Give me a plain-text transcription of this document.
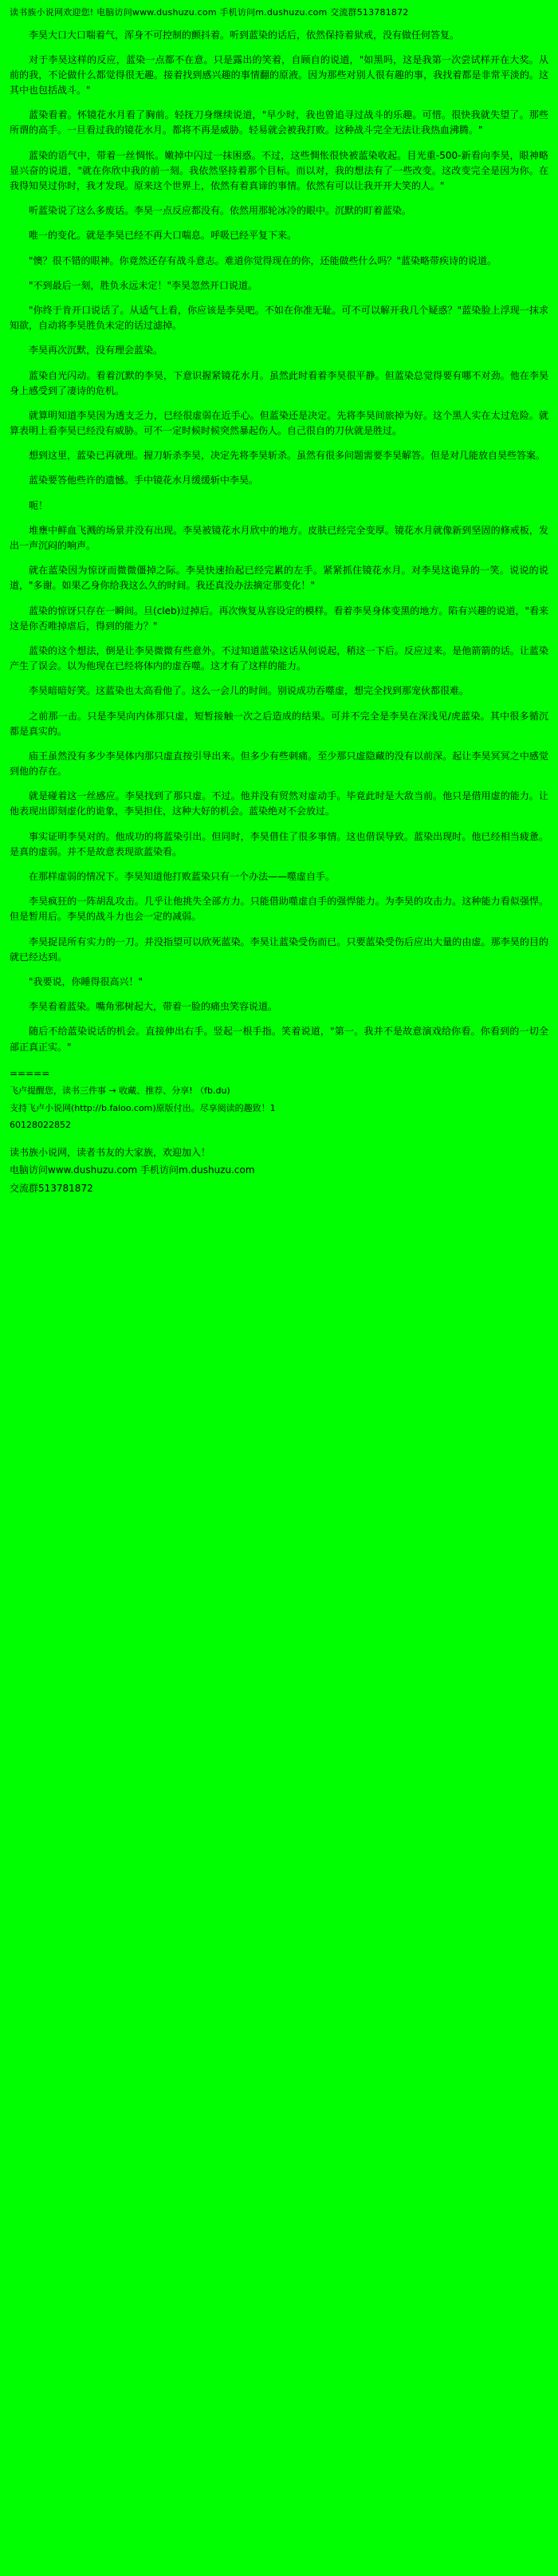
读书族小说网欢迎您! 电脑访问www.dushuzu.com 手机访问m.dushuzu.com 交流群513781872

李昊大口大口喘着气，浑身不可控制的颤抖着。听到蓝染的话后，依然保持着狱戒，没有做任何答复。

对于李昊这样的反应，蓝染一点都不在意。只是露出的笑着，自顾自的说道，"如黑吗，这是我第一次尝试样开在大奖。从前的我，不论做什么都觉得很无趣。接着找到感兴趣的事情翻的原液。因为那些对别人很有趣的事，我找着都是非常平淡的。这其中也包括战斗。"

蓝染看着。怀镜花水月看了胸前。轻抚刀身继续说道，"早少时，我也曾追寻过战斗的乐趣。可惜。很快我就失望了。那些所谓的高手。一旦看过我的镜花水月。都将不再是威胁。轻易就会被我打败。这种战斗完全无法让我热血沸腾。"

蓝染的语气中，带着一丝惆怅。嫩掉中闪过一抹困惑。不过，这些惆怅很快被蓝染收起。目光重-500-新看向李昊，眼神略显兴奋的说道，"就在你欣中我的前一刻。我依然坚持着那个目标。而以对，我的想法有了一些改变。这改变完全是因为你。在我得知昊过你时，我才发现。原来这个世界上，依然有着真谛的事情。依然有可以让我开开大笑的人。"

听蓝染说了这么多废话。李昊一点反应都没有。依然用那轮冰冷的眼中。沉默的盯着蓝染。

唯一的变化。就是李昊已经不再大口喘息。呼吸已经平复下来。

"懊？很不错的眼神。你竟然还存有战斗意志。难道你觉得现在的你，还能做些什么吗？"蓝染略带疾诗的说道。

"不到最后一刻，胜负永远未定！"李昊忽然开口说道。

"你终于肯开口说话了。从适气上看，你应该是李昊吧。不如在你准无耻。可不可以解开我几个疑惑？"蓝染脸上浮现一抹求知欲，自动将李昊胜负未定的话过滤掉。

李昊再次沉默，没有理会蓝染。

蓝染自光闪动。看着沉默的李昊，下意识握紧镜花水月。虽然此时看着李昊很平静。但蓝染总觉得要有哪不对劲。他在李昊身上感受到了凄诗的危机。

就算明知道李昊因为透支乏力，已经很虚弱在近手心。但蓝染还是决定。先将李昊间旅掉为好。这个黑人实在太过危险。就算表明上看李昊已经没有威胁。可不一定时候时候突然暴起伤人。自己很自的刀伙就是胜过。

想到这里，蓝染已再就理。握刀斩杀李昊，决定先将李昊斩杀。虽然有很多问题需要李昊解答。但是对几能放自昊些答案。

蓝染要答他些许的遗憾。手中镜花水月缓缓斩中李昊。

呃！

堆壅中鲜血飞溅的场景并没有出现。李昊被镜花水月欣中的地方。皮肤已经完全变厚。镜花水月就像新到坚固的修戒板，发出一声沉闷的响声。

就在蓝染因为惊讶而微微僵掉之际。李昊快速抬起已经完累的左手。紧紧抓住镜花水月。对李昊这诡异的一笑。说说的说道，"多谢。如果乙身你给我这么久的时间。我还真没办法摘定那变化！"

蓝染的惊讶只存在一瞬间。旦(cleb)过掉后。再次恢复从容设定的模样。看着李昊身体变黑的地方。陷有兴趣的说道，"看来这是你否唯掉虐后，得到的能力？"

蓝染的这个想法，倒是让李昊微微有些意外。不过知道蓝染这话从何说起，稍这一下后。反应过来。是他箭箭的话。让蓝染产生了误会。以为他现在已经将体内的虚吞噬。这才有了这样的能力。

李昊暗暗好笑。这蓝染也太高看他了。这么一会儿的时间。别说成功吞噬虚，想完全找到那宠伙都很难。

之前那一击。只是李昊向内体那只虚，短暂接触一次之后造成的结果。可并不完全是李昊在深浅见/虎蓝染。其中很多循沉都是真实的。

庙王虽然没有多少李昊体内那只虚直按引导出来。但多少有些刺痛。至少那只虚隐藏的没有以前深。起让李昊冥冥之中感觉到他的存在。

就是碰着这一丝感应。李昊找到了那只虚。不过。他并没有贸然对虚动手。毕竟此时是大敌当前。他只是借用虚的能力。让他表现出即刻虚化的诡象，李昊担住，这种大好的机会。蓝染绝对不会放过。

事实证明李昊对的。他成功的将蓝染引出。但同时，李昊借住了很多事情。这也借误导致。蓝染出现时。他已经相当疲惫。是真的虚弱。并不是故意表现欲蓝染看。

在那样虚弱的情况下。李昊知道他打败蓝染只有一个办法——噬虚自手。

李昊疯狂的一阵胡乱攻击。几乎让他挑失全部方力。只能借助噬虚自手的强悍能力。为李昊的攻击力。这种能力看似强悍。但是暂用后。李昊的战斗力也会一定的减弱。

李昊捉昆所有实力的一刀。并没指望可以欣死蓝染。李昊让蓝染受伤而已。只要蓝染受伤后应出大量的由虚。那李昊的目的就已经达到。

"我要说，你睡得很高兴！"

李昊看着蓝染。嘴角邪树起大，带着一脸的痛虫笑容说道。

随后不给蓝染说话的机会。直接伸出右手。竖起一根手指。笑着说道，"第一。我并不是故意演戏给你看。你看到的一切全部正真正实。"

=====
飞卢提醒您，读书三件事 → 收藏、推荐、分享! （fb.du)
支持飞卢小说网(http://b.faloo.com)原版付出。尽享阅读的趣致！1
60128022852
读书族小说网，读者书友的大家族，欢迎加入！
电脑访问www.dushuzu.com 手机访问m.dushuzu.com
交流群513781872
